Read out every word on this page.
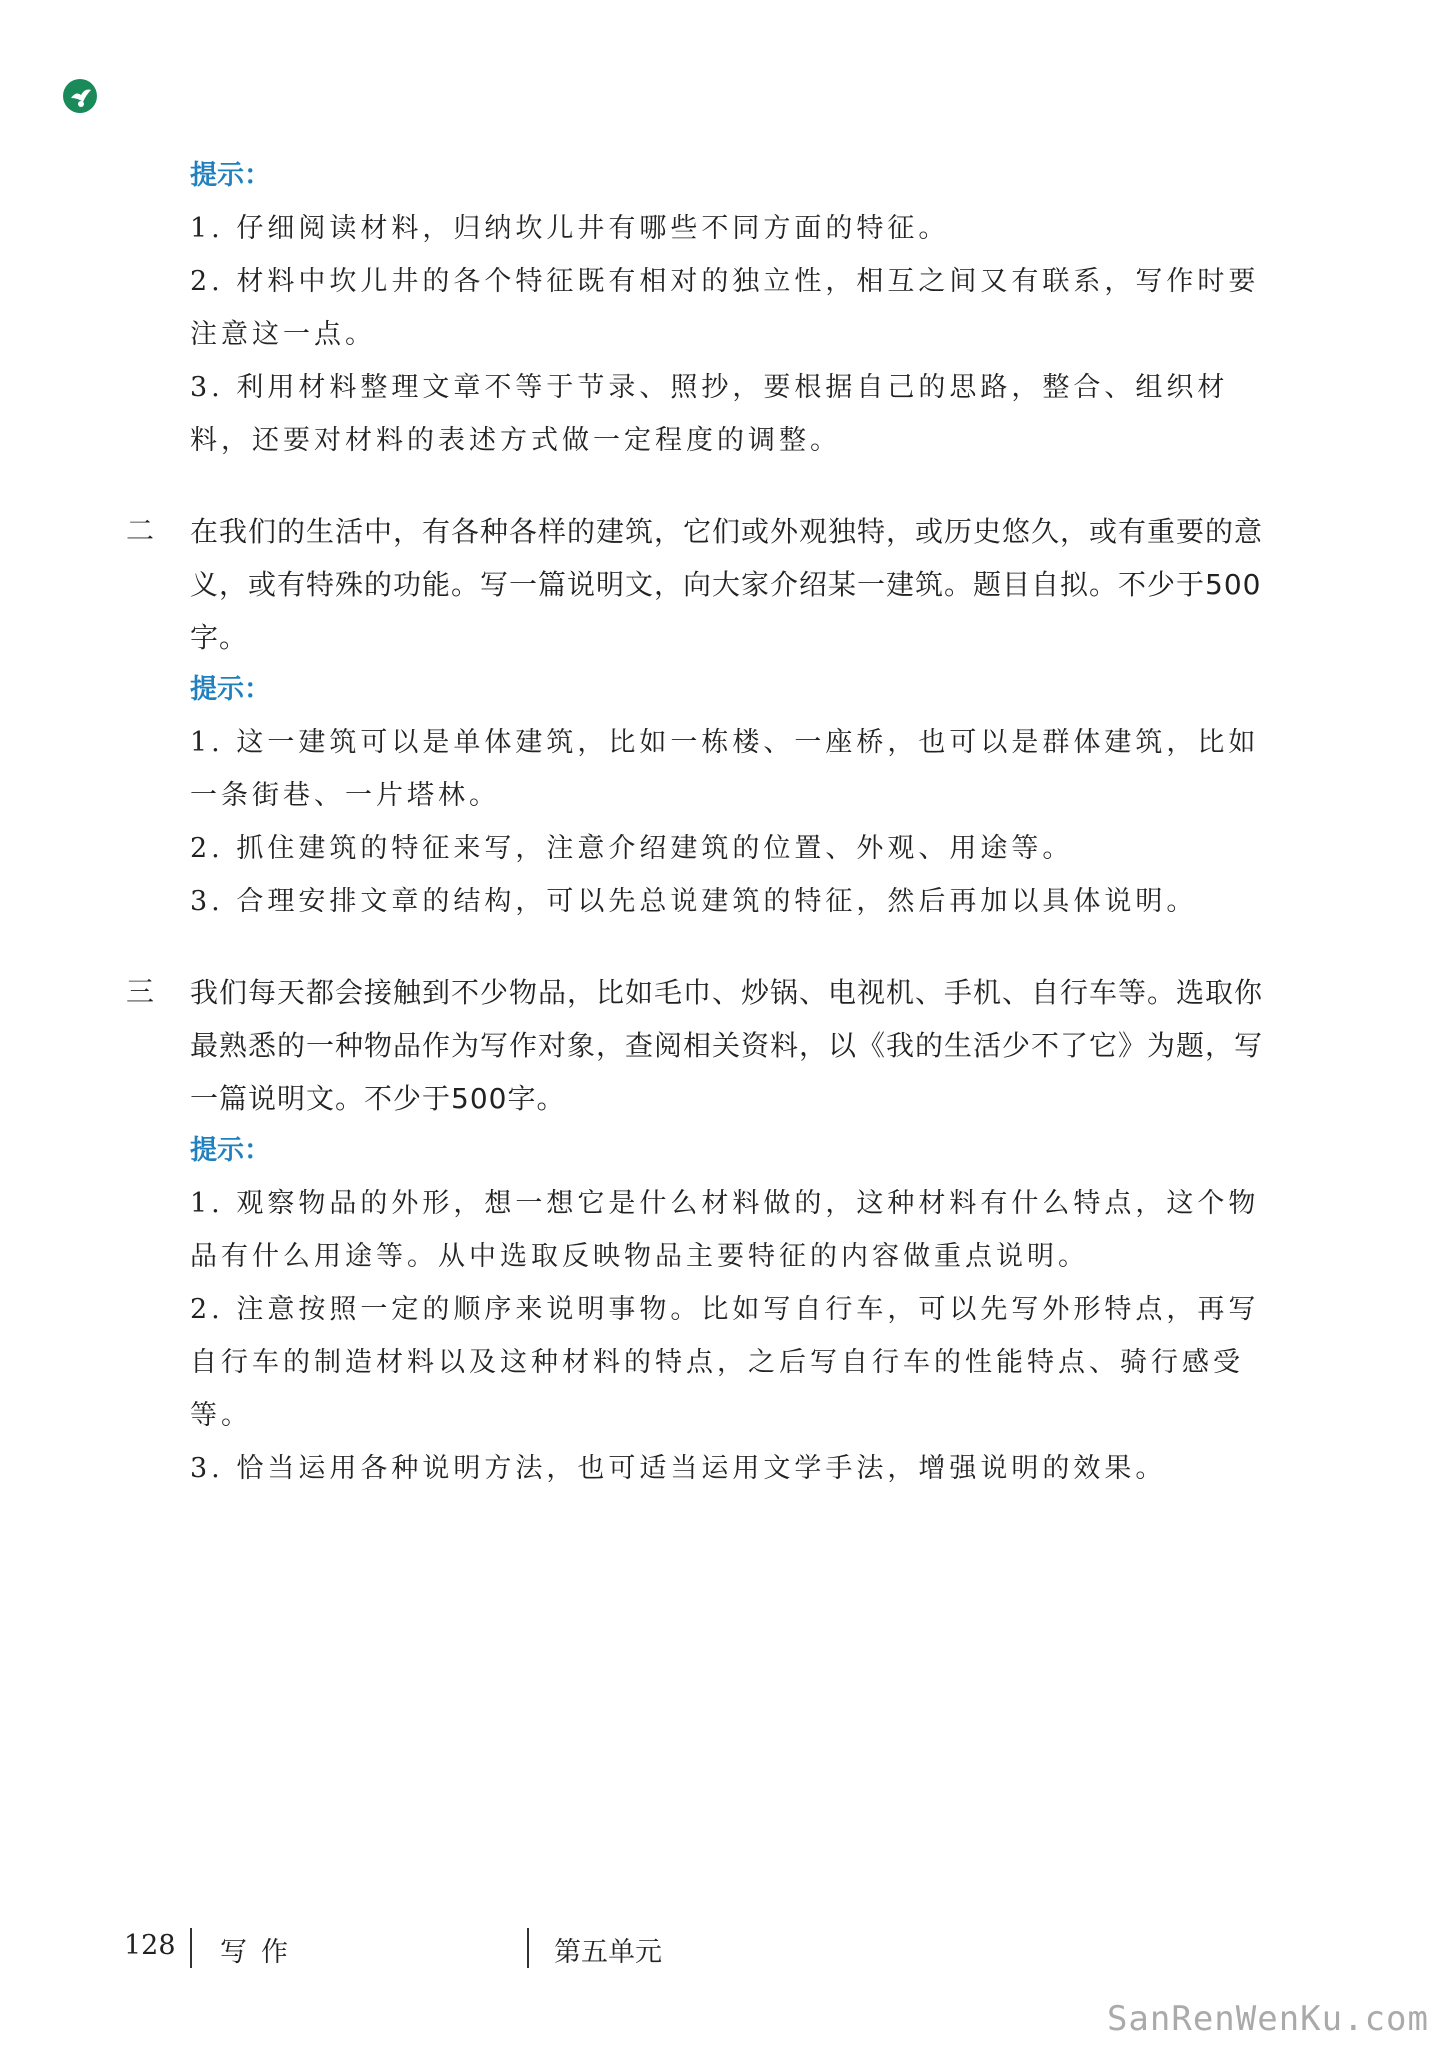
提示：

1. 仔细阅读材料，归纳坎儿井有哪些不同方面的特征。

2. 材料中坎儿井的各个特征既有相对的独立性，相互之间又有联系，写作时要注意这一点。

3. 利用材料整理文章不等于节录、照抄，要根据自己的思路，整合、组织材料，还要对材料的表述方式做一定程度的调整。

二 在我们的生活中，有各种各样的建筑，它们或外观独特，或历史悠久，或有重要的意义，或有特殊的功能。写一篇说明文，向大家介绍某一建筑。题目自拟。不少于500字。
提示：

1. 这一建筑可以是单体建筑，比如一栋楼、一座桥，也可以是群体建筑，比如一条街巷、一片塔林。

2. 抓住建筑的特征来写，注意介绍建筑的位置、外观、用途等。

3. 合理安排文章的结构，可以先总说建筑的特征，然后再加以具体说明。

三 我们每天都会接触到不少物品，比如毛巾、炒锅、电视机、手机、自行车等。选取你最熟悉的一种物品作为写作对象，查阅相关资料，以《我的生活少不了它》为题，写一篇说明文。不少于500字。
提示：

1. 观察物品的外形，想一想它是什么材料做的，这种材料有什么特点，这个物品有什么用途等。从中选取反映物品主要特征的内容做重点说明。

2. 注意按照一定的顺序来说明事物。比如写自行车，可以先写外形特点，再写自行车的制造材料以及这种材料的特点，之后写自行车的性能特点、骑行感受等。

3. 恰当运用各种说明方法，也可适当运用文学手法，增强说明的效果。

128 写作	第五单元
SanRenWenKu.com
